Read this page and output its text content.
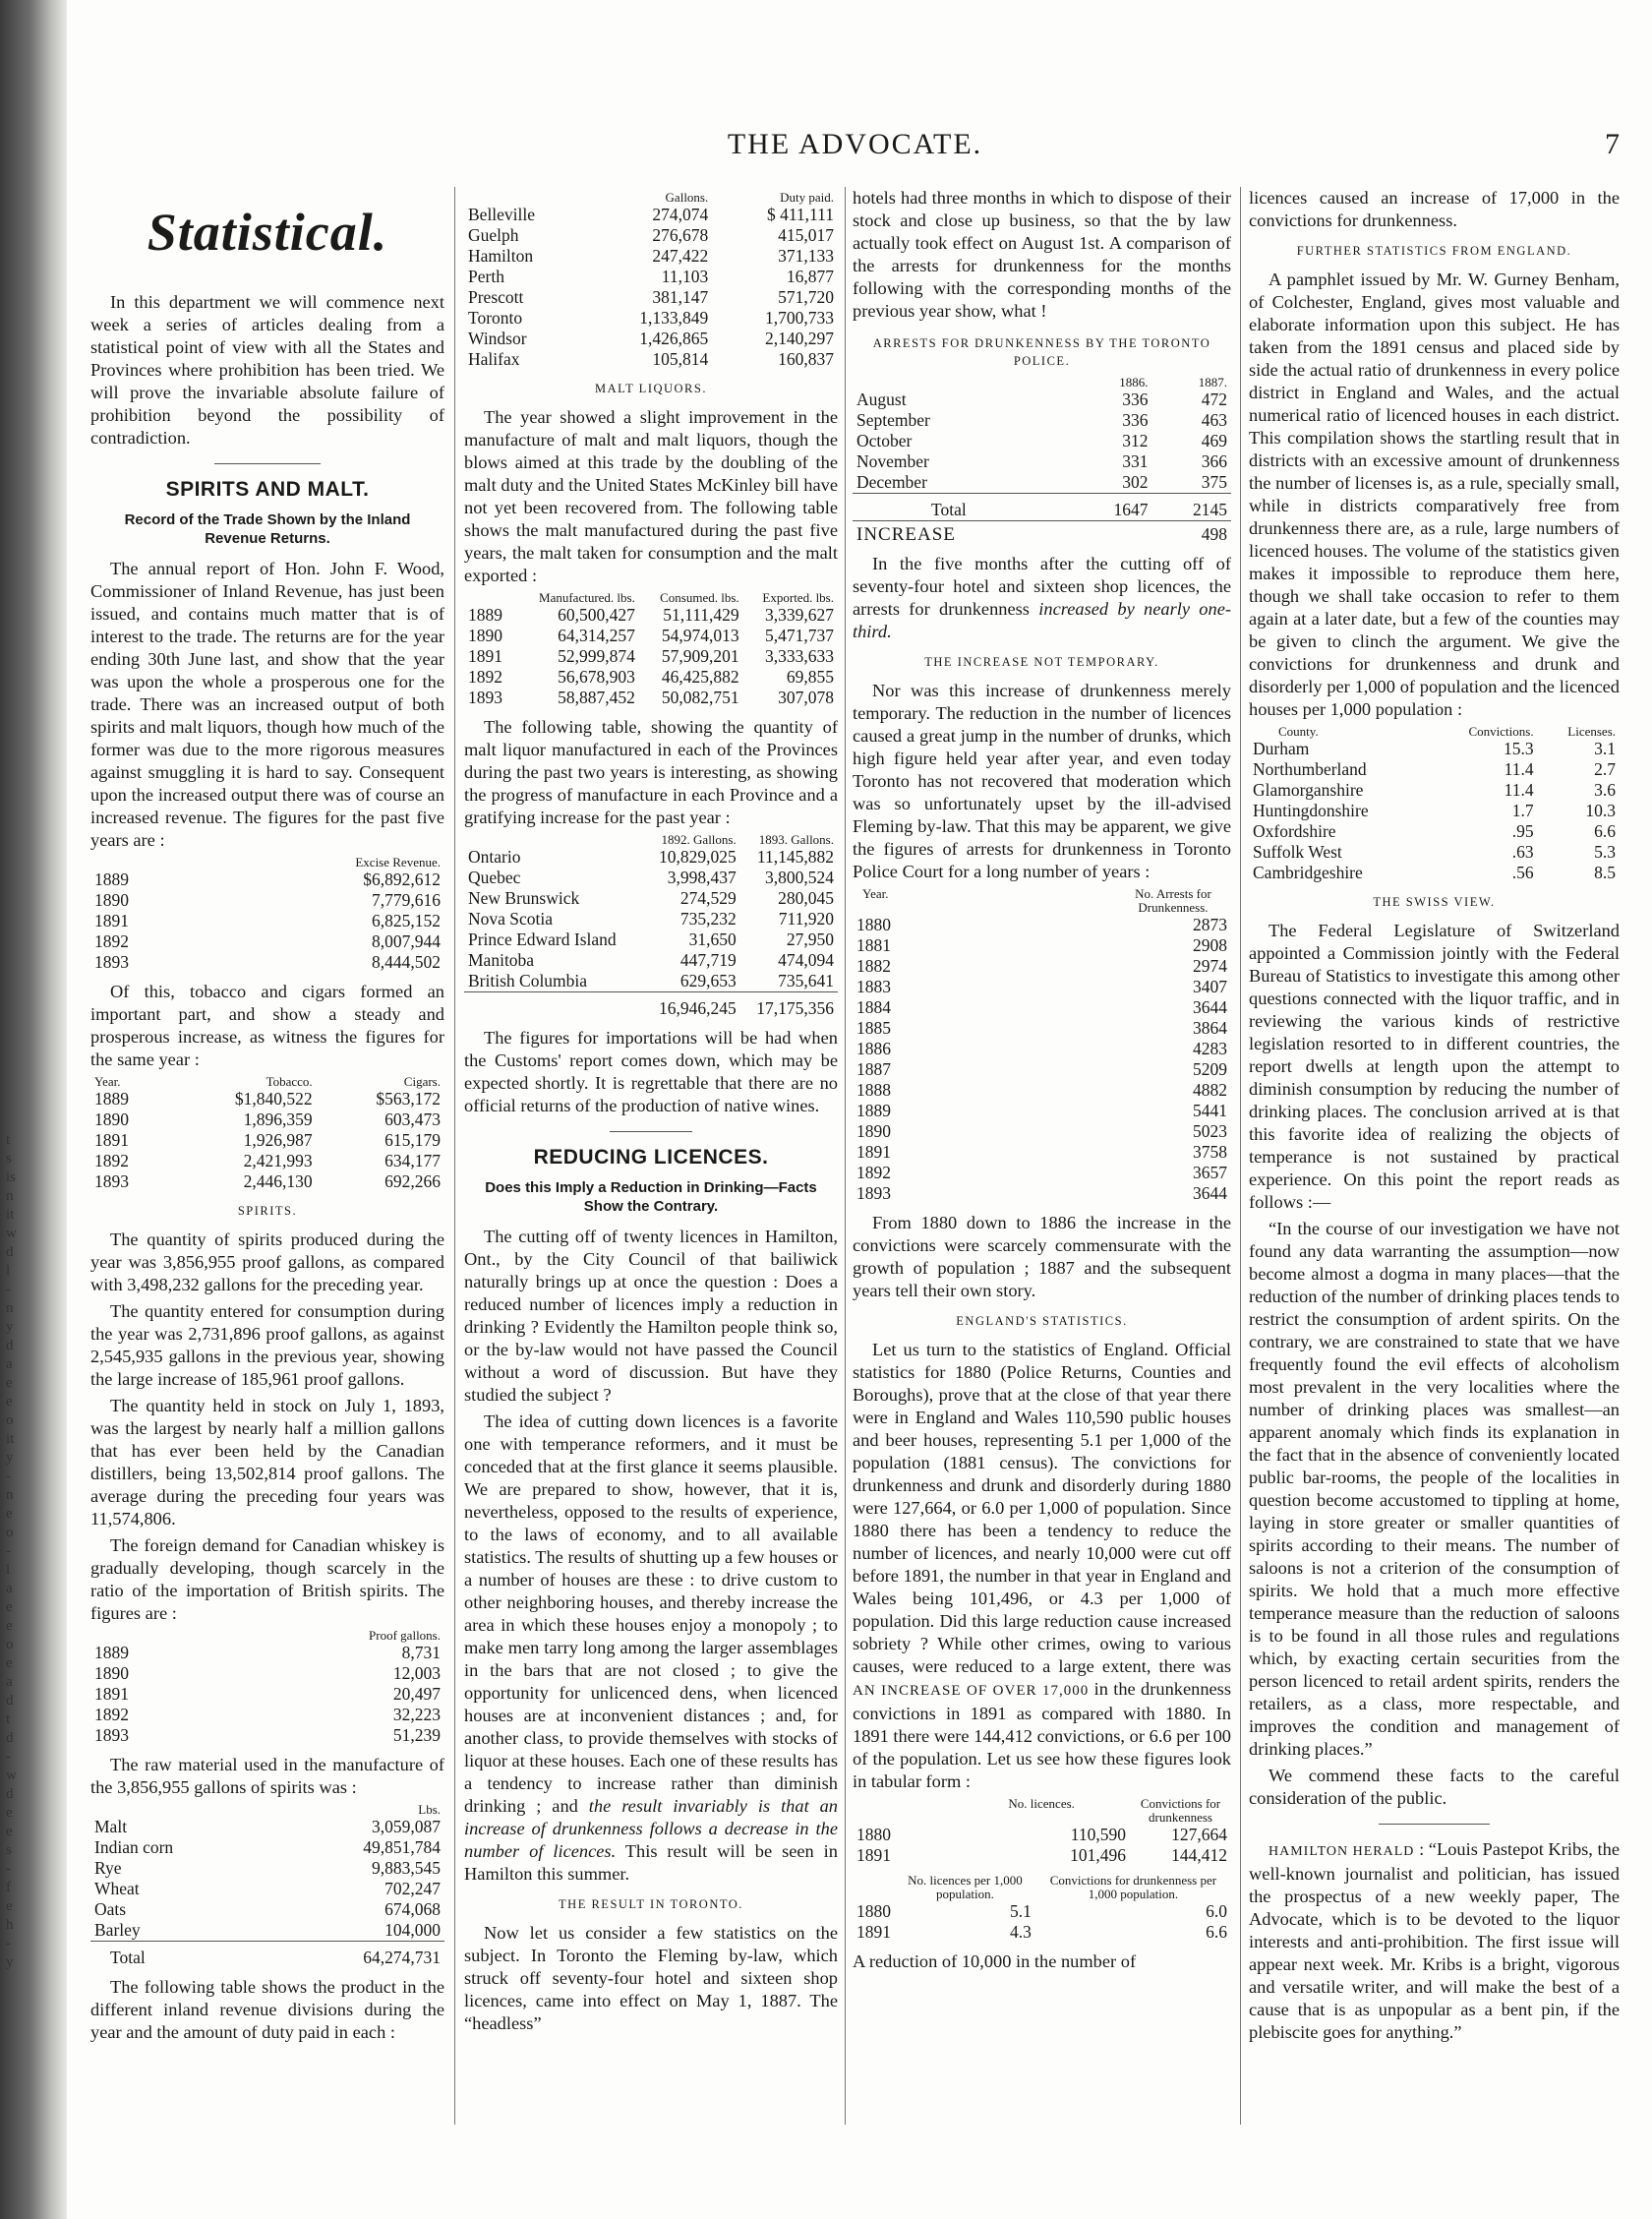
t
s
is
n
it
w
d
l
-
n
y
d
a
e
e
o
it
y
-
n
e
o
-
l
a
e
e
o
e
a
d
t
d
-
w
d
e
e
s
-
f
e
h
-
y
THE ADVOCATE.	7
Statistical.

In this department we will commence next week a series of articles dealing from a statistical point of view with all the States and Provinces where prohibition has been tried. We will prove the invariable absolute failure of prohibition beyond the possibility of contradiction.

SPIRITS AND MALT.
Record of the Trade Shown by the Inland Revenue Returns.

The annual report of Hon. John F. Wood, Commissioner of Inland Revenue, has just been issued, and contains much matter that is of interest to the trade. The returns are for the year ending 30th June last, and show that the year was upon the whole a prosperous one for the trade. There was an increased output of both spirits and malt liquors, though how much of the former was due to the more rigorous measures against smuggling it is hard to say. Consequent upon the increased output there was of course an increased revenue. The figures for the past five years are :

	Excise Revenue.
1889	$6,892,612
1890	7,779,616
1891	6,825,152
1892	8,007,944
1893	8,444,502

Of this, tobacco and cigars formed an important part, and show a steady and prosperous increase, as witness the figures for the same year :

Year.	Tobacco.	Cigars.
1889	$1,840,522	$563,172
1890	1,896,359	603,473
1891	1,926,987	615,179
1892	2,421,993	634,177
1893	2,446,130	692,266
SPIRITS.

The quantity of spirits produced during the year was 3,856,955 proof gallons, as compared with 3,498,232 gallons for the preceding year.

The quantity entered for consumption during the year was 2,731,896 proof gallons, as against 2,545,935 gallons in the previous year, showing the large increase of 185,961 proof gallons.

The quantity held in stock on July 1, 1893, was the largest by nearly half a million gallons that has ever been held by the Canadian distillers, being 13,502,814 proof gallons. The average during the preceding four years was 11,574,806.

The foreign demand for Canadian whiskey is gradually developing, though scarcely in the ratio of the importation of British spirits. The figures are :

	Proof gallons.
1889	8,731
1890	12,003
1891	20,497
1892	32,223
1893	51,239

The raw material used in the manufacture of the 3,856,955 gallons of spirits was :

	Lbs.
Malt	3,059,087
Indian corn	49,851,784
Rye	9,883,545
Wheat	702,247
Oats	674,068
Barley	104,000
Total	64,274,731

The following table shows the product in the different inland revenue divisions during the year and the amount of duty paid in each :

	Gallons.	Duty paid.
Belleville	274,074	$ 411,111
Guelph	276,678	415,017
Hamilton	247,422	371,133
Perth	11,103	16,877
Prescott	381,147	571,720
Toronto	1,133,849	1,700,733
Windsor	1,426,865	2,140,297
Halifax	105,814	160,837
MALT LIQUORS.

The year showed a slight improvement in the manufacture of malt and malt liquors, though the blows aimed at this trade by the doubling of the malt duty and the United States McKinley bill have not yet been recovered from. The following table shows the malt manufactured during the past five years, the malt taken for consumption and the malt exported :

	Manufactured. lbs.	Consumed. lbs.	Exported. lbs.
1889	60,500,427	51,111,429	3,339,627
1890	64,314,257	54,974,013	5,471,737
1891	52,999,874	57,909,201	3,333,633
1892	56,678,903	46,425,882	69,855
1893	58,887,452	50,082,751	307,078

The following table, showing the quantity of malt liquor manufactured in each of the Provinces during the past two years is interesting, as showing the progress of manufacture in each Province and a gratifying increase for the past year :

	1892. Gallons.	1893. Gallons.
Ontario	10,829,025	11,145,882
Quebec	3,998,437	3,800,524
New Brunswick	274,529	280,045
Nova Scotia	735,232	711,920
Prince Edward Island	31,650	27,950
Manitoba	447,719	474,094
British Columbia	629,653	735,641
	16,946,245	17,175,356

The figures for importations will be had when the Customs' report comes down, which may be expected shortly. It is regrettable that there are no official returns of the production of native wines.

REDUCING LICENCES.
Does this Imply a Reduction in Drinking—Facts Show the Contrary.

The cutting off of twenty licences in Hamilton, Ont., by the City Council of that bailiwick naturally brings up at once the question : Does a reduced number of licences imply a reduction in drinking ? Evidently the Hamilton people think so, or the by-law would not have passed the Council without a word of discussion. But have they studied the subject ?

The idea of cutting down licences is a favorite one with temperance reformers, and it must be conceded that at the first glance it seems plausible. We are prepared to show, however, that it is, nevertheless, opposed to the results of experience, to the laws of economy, and to all available statistics. The results of shutting up a few houses or a number of houses are these : to drive custom to other neighboring houses, and thereby increase the area in which these houses enjoy a monopoly ; to make men tarry long among the larger assemblages in the bars that are not closed ; to give the opportunity for unlicenced dens, when licenced houses are at inconvenient distances ; and, for another class, to provide themselves with stocks of liquor at these houses. Each one of these results has a tendency to increase rather than diminish drinking ; and the result invariably is that an increase of drunkenness follows a decrease in the number of licences. This result will be seen in Hamilton this summer.

THE RESULT IN TORONTO.

Now let us consider a few statistics on the subject. In Toronto the Fleming by-law, which struck off seventy-four hotel and sixteen shop licences, came into effect on May 1, 1887. The “headless”

hotels had three months in which to dispose of their stock and close up business, so that the by law actually took effect on August 1st. A comparison of the arrests for drunkenness for the months following with the corresponding months of the previous year show, what !

ARRESTS FOR DRUNKENNESS BY THE TORONTO POLICE.
	1886.	1887.
August	336	472
September	336	463
October	312	469
November	331	366
December	302	375
Total	1647	2145
INCREASE		498

In the five months after the cutting off of seventy-four hotel and sixteen shop licences, the arrests for drunkenness increased by nearly one-third.

THE INCREASE NOT TEMPORARY.

Nor was this increase of drunkenness merely temporary. The reduction in the number of licences caused a great jump in the number of drunks, which high figure held year after year, and even today Toronto has not recovered that moderation which was so unfortunately upset by the ill-advised Fleming by-law. That this may be apparent, we give the figures of arrests for drunkenness in Toronto Police Court for a long number of years :

Year.	No. Arrests for Drunkenness.
1880	2873
1881	2908
1882	2974
1883	3407
1884	3644
1885	3864
1886	4283
1887	5209
1888	4882
1889	5441
1890	5023
1891	3758
1892	3657
1893	3644

From 1880 down to 1886 the increase in the convictions were scarcely commensurate with the growth of population ; 1887 and the subsequent years tell their own story.

ENGLAND'S STATISTICS.

Let us turn to the statistics of England. Official statistics for 1880 (Police Returns, Counties and Boroughs), prove that at the close of that year there were in England and Wales 110,590 public houses and beer houses, representing 5.1 per 1,000 of the population (1881 census). The convictions for drunkenness and drunk and disorderly during 1880 were 127,664, or 6.0 per 1,000 of population. Since 1880 there has been a tendency to reduce the number of licences, and nearly 10,000 were cut off before 1891, the number in that year in England and Wales being 101,496, or 4.3 per 1,000 of population. Did this large reduction cause increased sobriety ? While other crimes, owing to various causes, were reduced to a large extent, there was AN INCREASE OF OVER 17,000 in the drunkenness convictions in 1891 as compared with 1880. In 1891 there were 144,412 convictions, or 6.6 per 100 of the population. Let us see how these figures look in tabular form :

	No. licences.	Convictions for drunkenness
1880	110,590	127,664
1891	101,496	144,412
	No. licences per 1,000 population.	Convictions for drunkenness per 1,000 population.
1880	5.1	6.0
1891	4.3	6.6

A reduction of 10,000 in the number of

licences caused an increase of 17,000 in the convictions for drunkenness.

FURTHER STATISTICS FROM ENGLAND.

A pamphlet issued by Mr. W. Gurney Benham, of Colchester, England, gives most valuable and elaborate information upon this subject. He has taken from the 1891 census and placed side by side the actual ratio of drunkenness in every police district in England and Wales, and the actual numerical ratio of licenced houses in each district. This compilation shows the startling result that in districts with an excessive amount of drunkenness the number of licenses is, as a rule, specially small, while in districts comparatively free from drunkenness there are, as a rule, large numbers of licenced houses. The volume of the statistics given makes it impossible to reproduce them here, though we shall take occasion to refer to them again at a later date, but a few of the counties may be given to clinch the argument. We give the convictions for drunkenness and drunk and disorderly per 1,000 of population and the licenced houses per 1,000 population :

County.	Convictions.	Licenses.
Durham	15.3	3.1
Northumberland	11.4	2.7
Glamorganshire	11.4	3.6
Huntingdonshire	1.7	10.3
Oxfordshire	.95	6.6
Suffolk West	.63	5.3
Cambridgeshire	.56	8.5
THE SWISS VIEW.

The Federal Legislature of Switzerland appointed a Commission jointly with the Federal Bureau of Statistics to investigate this among other questions connected with the liquor traffic, and in reviewing the various kinds of restrictive legislation resorted to in different countries, the report dwells at length upon the attempt to diminish consumption by reducing the number of drinking places. The conclusion arrived at is that this favorite idea of realizing the objects of temperance is not sustained by practical experience. On this point the report reads as follows :—

“In the course of our investigation we have not found any data warranting the assumption—now become almost a dogma in many places—that the reduction of the number of drinking places tends to restrict the consumption of ardent spirits. On the contrary, we are constrained to state that we have frequently found the evil effects of alcoholism most prevalent in the very localities where the number of drinking places was smallest—an apparent anomaly which finds its explanation in the fact that in the absence of conveniently located public bar-rooms, the people of the localities in question become accustomed to tippling at home, laying in store greater or smaller quantities of spirits according to their means. The number of saloons is not a criterion of the consumption of spirits. We hold that a much more effective temperance measure than the reduction of saloons is to be found in all those rules and regulations which, by exacting certain securities from the person licenced to retail ardent spirits, renders the retailers, as a class, more respectable, and improves the condition and management of drinking places.”

We commend these facts to the careful consideration of the public.

HAMILTON HERALD : “Louis Pastepot Kribs, the well-known journalist and politician, has issued the prospectus of a new weekly paper, The Advocate, which is to be devoted to the liquor interests and anti-prohibition. The first issue will appear next week. Mr. Kribs is a bright, vigorous and versatile writer, and will make the best of a cause that is as unpopular as a bent pin, if the plebiscite goes for anything.”
